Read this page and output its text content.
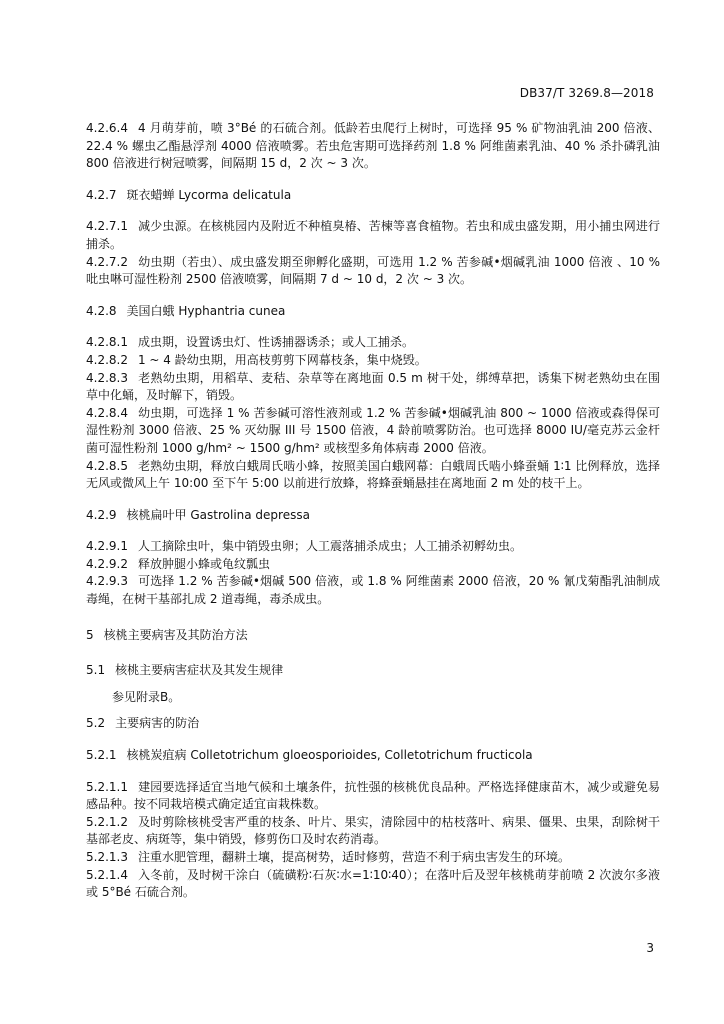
DB37/T 3269.8—2018

4.2.6.4 4 月萌芽前，喷 3°Bé 的石硫合剂。低龄若虫爬行上树时，可选择 95 % 矿物油乳油 200 倍液、22.4 % 螺虫乙酯悬浮剂 4000 倍液喷雾。若虫危害期可选择药剂 1.8 % 阿维菌素乳油、40 % 杀扑磷乳油 800 倍液进行树冠喷雾，间隔期 15 d，2 次 ~ 3 次。

4.2.7 斑衣蜡蝉 Lycorma delicatula

4.2.7.1 减少虫源。在核桃园内及附近不种植臭椿、苦楝等喜食植物。若虫和成虫盛发期，用小捕虫网进行捕杀。

4.2.7.2 幼虫期（若虫）、成虫盛发期至卵孵化盛期，可选用 1.2 % 苦参碱•烟碱乳油 1000 倍液 、10 %吡虫啉可湿性粉剂 2500 倍液喷雾，间隔期 7 d ~ 10 d，2 次 ~ 3 次。

4.2.8 美国白蛾 Hyphantria cunea

4.2.8.1 成虫期，设置诱虫灯、性诱捕器诱杀；或人工捕杀。

4.2.8.2 1 ~ 4 龄幼虫期，用高枝剪剪下网幕枝条，集中烧毁。

4.2.8.3 老熟幼虫期，用稻草、麦秸、杂草等在离地面 0.5 m 树干处，绑缚草把，诱集下树老熟幼虫在围草中化蛹，及时解下，销毁。

4.2.8.4 幼虫期，可选择 1 % 苦参碱可溶性液剂或 1.2 % 苦参碱•烟碱乳油 800 ~ 1000 倍液或森得保可湿性粉剂 3000 倍液、25 % 灭幼脲 III 号 1500 倍液，4 龄前喷雾防治。也可选择 8000 IU/毫克苏云金杆菌可湿性粉剂 1000 g/hm² ~ 1500 g/hm² 或核型多角体病毒 2000 倍液。

4.2.8.5 老熟幼虫期，释放白蛾周氏啮小蜂，按照美国白蛾网幕：白蛾周氏啮小蜂蚕蛹 1∶1 比例释放，选择无风或微风上午 10:00 至下午 5:00 以前进行放蜂，将蜂蚕蛹悬挂在离地面 2 m 处的枝干上。

4.2.9 核桃扁叶甲 Gastrolina depressa

4.2.9.1 人工摘除虫叶，集中销毁虫卵；人工震落捕杀成虫；人工捕杀初孵幼虫。

4.2.9.2 释放肿腿小蜂或龟纹瓢虫

4.2.9.3 可选择 1.2 % 苦参碱•烟碱 500 倍液，或 1.8 % 阿维菌素 2000 倍液，20 % 氰戊菊酯乳油制成毒绳，在树干基部扎成 2 道毒绳，毒杀成虫。

5 核桃主要病害及其防治方法

5.1 核桃主要病害症状及其发生规律

参见附录B。

5.2 主要病害的防治

5.2.1 核桃炭疽病 Colletotrichum gloeosporioides, Colletotrichum fructicola

5.2.1.1 建园要选择适宜当地气候和土壤条件，抗性强的核桃优良品种。严格选择健康苗木，减少或避免易感品种。按不同栽培模式确定适宜亩栽株数。

5.2.1.2 及时剪除核桃受害严重的枝条、叶片、果实，清除园中的枯枝落叶、病果、僵果、虫果，刮除树干基部老皮、病斑等，集中销毁，修剪伤口及时农药消毒。

5.2.1.3 注重水肥管理，翻耕土壤，提高树势，适时修剪，营造不利于病虫害发生的环境。

5.2.1.4 入冬前，及时树干涂白（硫磺粉∶石灰∶水=1∶10∶40）；在落叶后及翌年核桃萌芽前喷 2 次波尔多液或 5°Bé 石硫合剂。

3
